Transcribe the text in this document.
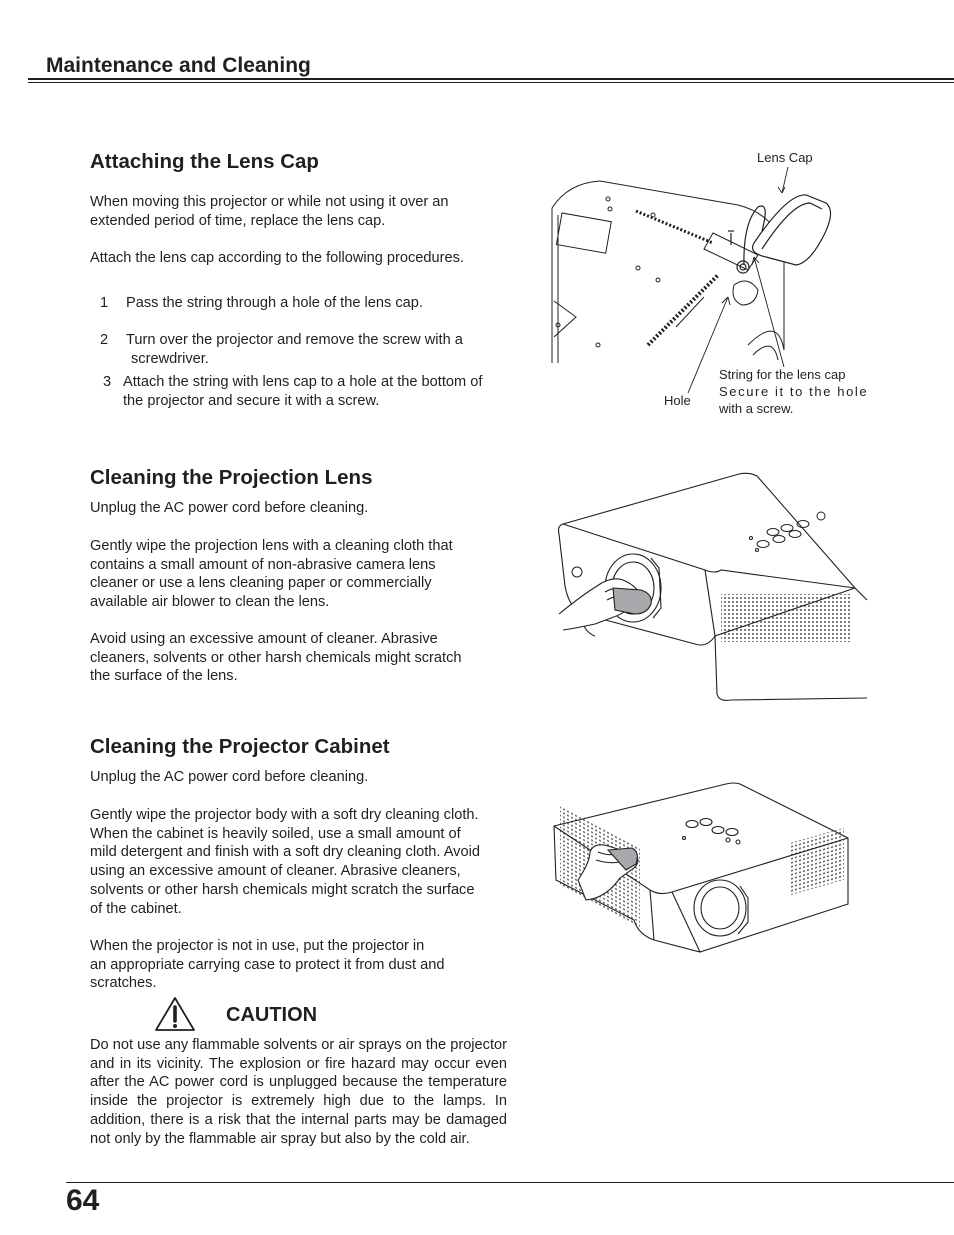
Maintenance and Cleaning
Attaching the Lens Cap

When moving this projector or while not using it over an extended period of time, replace the lens cap.

Attach the lens cap according to the following procedures.

1 Pass the string through a hole of the lens cap.
2 Turn over the projector and remove the screw with a
screwdriver.
3 Attach the string with lens cap to a hole at the bottom of
the projector and secure it with a screw.
Lens Cap
String for the lens cap
Secure it to the hole
with a screw.
Hole
Cleaning the Projection Lens

Unplug the AC power cord before cleaning.

Gently wipe the projection lens with a cleaning cloth that
contains a small amount of non-abrasive camera lens
cleaner or use a lens cleaning paper or commercially
available air blower to clean the lens.
Avoid using an excessive amount of cleaner. Abrasive
cleaners, solvents or other harsh chemicals might scratch
the surface of the lens.
Cleaning the Projector Cabinet

Unplug the AC power cord before cleaning.

Gently wipe the projector body with a soft dry cleaning cloth.
When the cabinet is heavily soiled, use a small amount of
mild detergent and finish with a soft dry cleaning cloth. Avoid
using an excessive amount of cleaner. Abrasive cleaners,
solvents or other harsh chemicals might scratch the surface
of the cabinet.
When the projector is not in use, put the projector in
an appropriate carrying case to protect it from dust and
scratches.
CAUTION

Do not use any flammable solvents or air sprays on the projector and in its vicinity. The explosion or fire hazard may occur even after the AC power cord is unplugged because the temperature inside the projector is extremely high due to the lamps. In addition, there is a risk that the internal parts may be damaged not only by the flammable air spray but also by the cold air.

64
